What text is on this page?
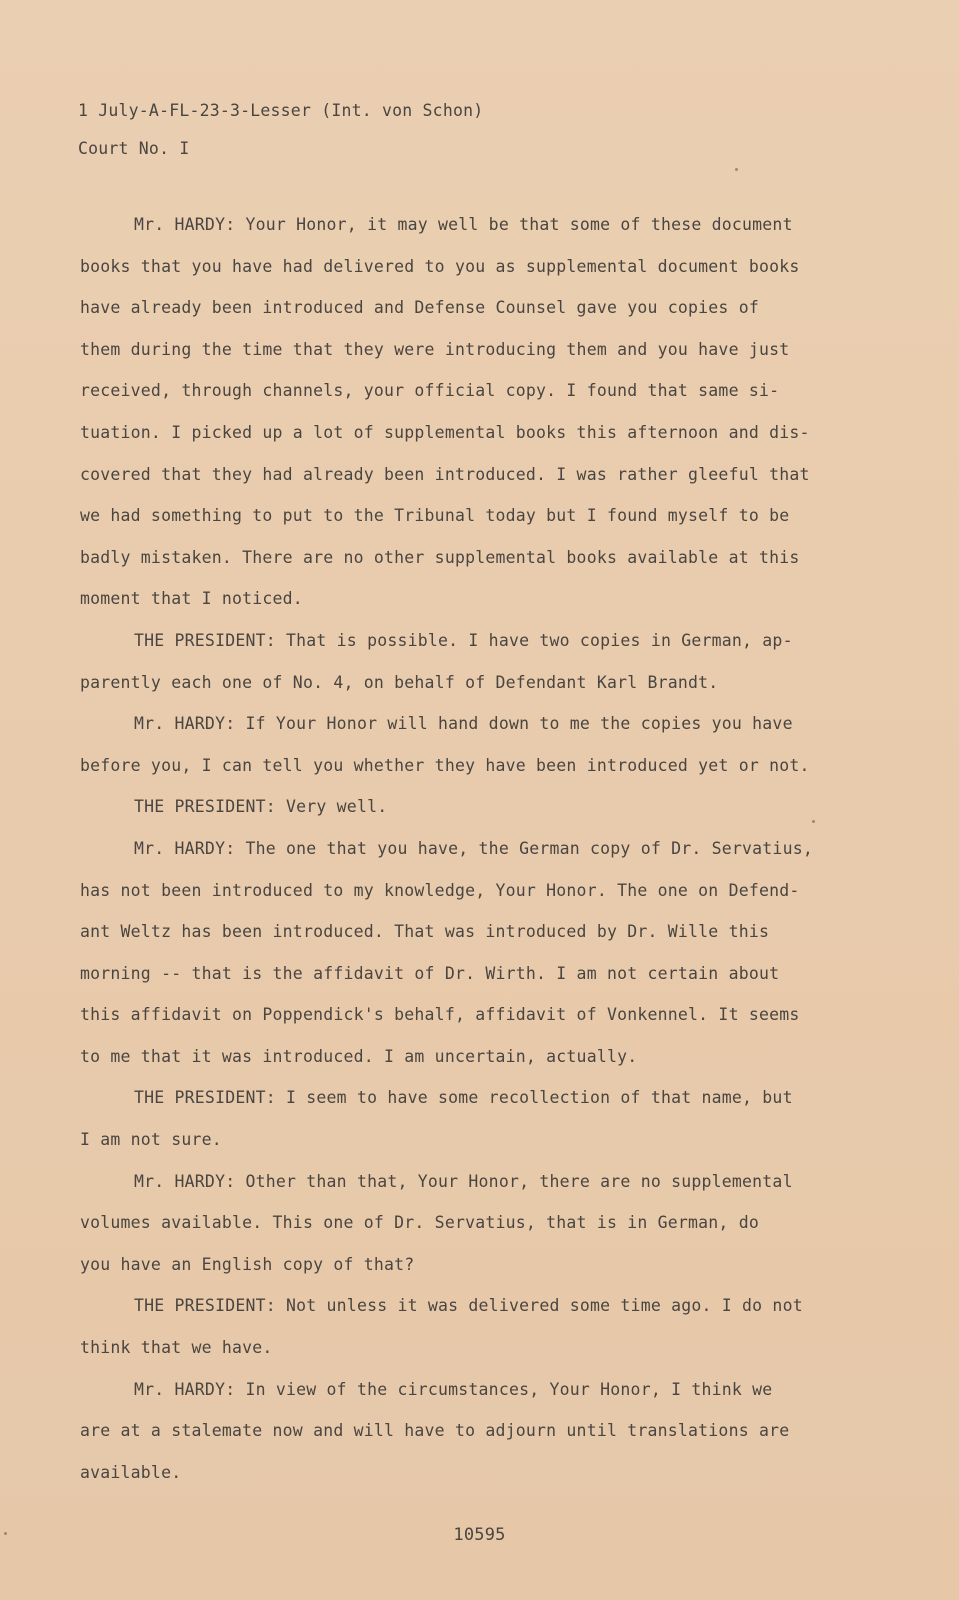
1 July-A-FL-23-3-Lesser (Int. von Schon)
Court No. I
Mr. HARDY: Your Honor, it may well be that some of these document
books that you have had delivered to you as supplemental document books
have already been introduced and Defense Counsel gave you copies of
them during the time that they were introducing them and you have just
received, through channels, your official copy. I found that same si-
tuation. I picked up a lot of supplemental books this afternoon and dis-
covered that they had already been introduced. I was rather gleeful that
we had something to put to the Tribunal today but I found myself to be
badly mistaken. There are no other supplemental books available at this
moment that I noticed.
THE PRESIDENT: That is possible. I have two copies in German, ap-
parently each one of No. 4, on behalf of Defendant Karl Brandt.
Mr. HARDY: If Your Honor will hand down to me the copies you have
before you, I can tell you whether they have been introduced yet or not.
THE PRESIDENT: Very well.
Mr. HARDY: The one that you have, the German copy of Dr. Servatius,
has not been introduced to my knowledge, Your Honor. The one on Defend-
ant Weltz has been introduced. That was introduced by Dr. Wille this
morning -- that is the affidavit of Dr. Wirth. I am not certain about
this affidavit on Poppendick's behalf, affidavit of Vonkennel. It seems
to me that it was introduced. I am uncertain, actually.
THE PRESIDENT: I seem to have some recollection of that name, but
I am not sure.
Mr. HARDY: Other than that, Your Honor, there are no supplemental
volumes available. This one of Dr. Servatius, that is in German, do
you have an English copy of that?
THE PRESIDENT: Not unless it was delivered some time ago. I do not
think that we have.
Mr. HARDY: In view of the circumstances, Your Honor, I think we
are at a stalemate now and will have to adjourn until translations are
available.
10595
